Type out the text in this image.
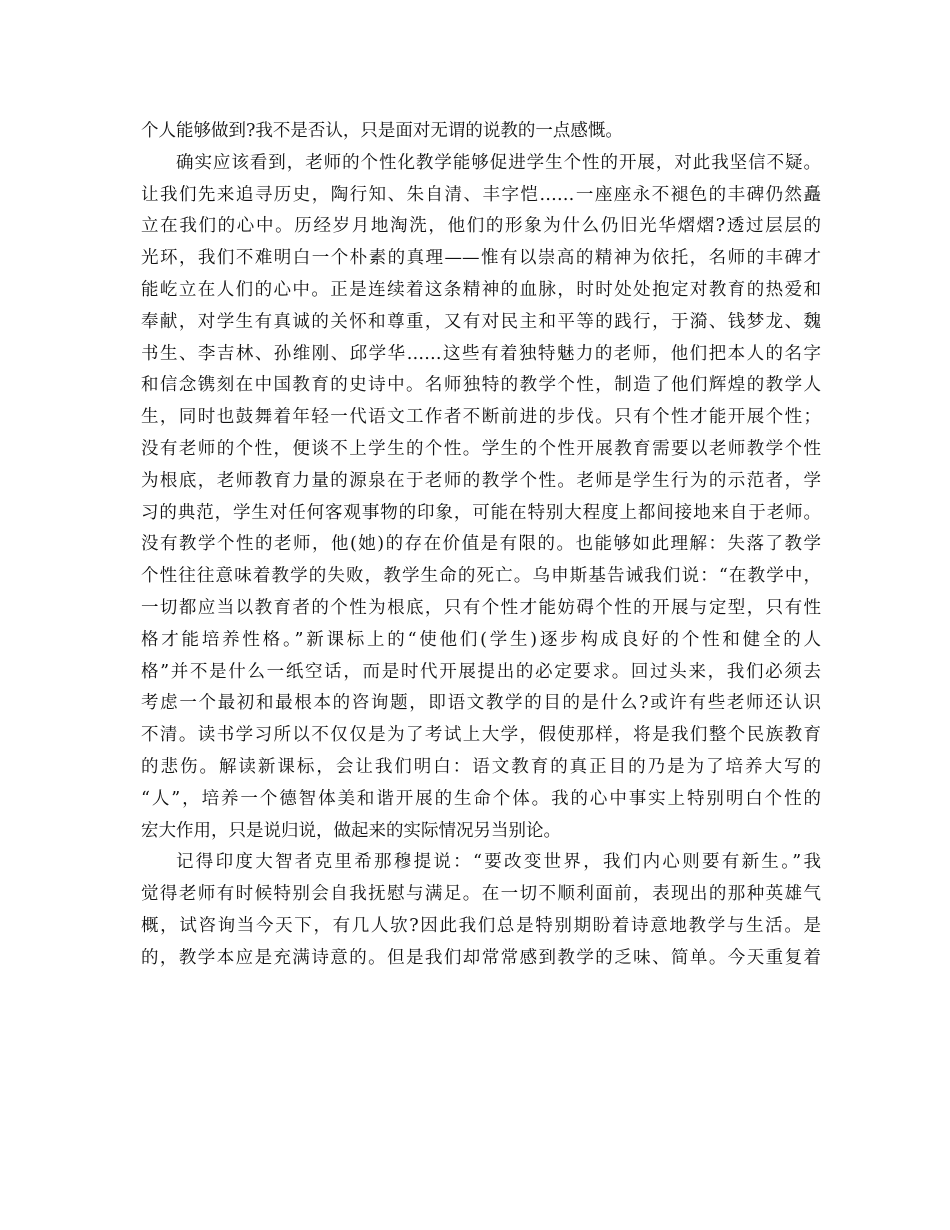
个人能够做到?我不是否认，只是面对无谓的说教的一点感慨。
确实应该看到，老师的个性化教学能够促进学生个性的开展，对此我坚信不疑。
让我们先来追寻历史，陶行知、朱自清、丰字恺……一座座永不褪色的丰碑仍然矗
立在我们的心中。历经岁月地淘洗，他们的形象为什么仍旧光华熠熠?透过层层的
光环，我们不难明白一个朴素的真理——惟有以崇高的精神为依托，名师的丰碑才
能屹立在人们的心中。正是连续着这条精神的血脉，时时处处抱定对教育的热爱和
奉献，对学生有真诚的关怀和尊重，又有对民主和平等的践行，于漪、钱梦龙、魏
书生、李吉林、孙维刚、邱学华……这些有着独特魅力的老师，他们把本人的名字
和信念镌刻在中国教育的史诗中。名师独特的教学个性，制造了他们辉煌的教学人
生，同时也鼓舞着年轻一代语文工作者不断前进的步伐。只有个性才能开展个性；
没有老师的个性，便谈不上学生的个性。学生的个性开展教育需要以老师教学个性
为根底，老师教育力量的源泉在于老师的教学个性。老师是学生行为的示范者，学
习的典范，学生对任何客观事物的印象，可能在特别大程度上都间接地来自于老师。
没有教学个性的老师，他(她)的存在价值是有限的。也能够如此理解：失落了教学
个性往往意味着教学的失败，教学生命的死亡。乌申斯基告诫我们说：“在教学中，
一切都应当以教育者的个性为根底，只有个性才能妨碍个性的开展与定型，只有性
格才能培养性格。”新课标上的“使他们(学生)逐步构成良好的个性和健全的人
格”并不是什么一纸空话，而是时代开展提出的必定要求。回过头来，我们必须去
考虑一个最初和最根本的咨询题，即语文教学的目的是什么?或许有些老师还认识
不清。读书学习所以不仅仅是为了考试上大学，假使那样，将是我们整个民族教育
的悲伤。解读新课标，会让我们明白：语文教育的真正目的乃是为了培养大写的
“人”，培养一个德智体美和谐开展的生命个体。我的心中事实上特别明白个性的
宏大作用，只是说归说，做起来的实际情况另当别论。
记得印度大智者克里希那穆提说：“要改变世界，我们内心则要有新生。”我
觉得老师有时候特别会自我抚慰与满足。在一切不顺利面前，表现出的那种英雄气
概，试咨询当今天下，有几人欤?因此我们总是特别期盼着诗意地教学与生活。是
的，教学本应是充满诗意的。但是我们却常常感到教学的乏味、简单。今天重复着
